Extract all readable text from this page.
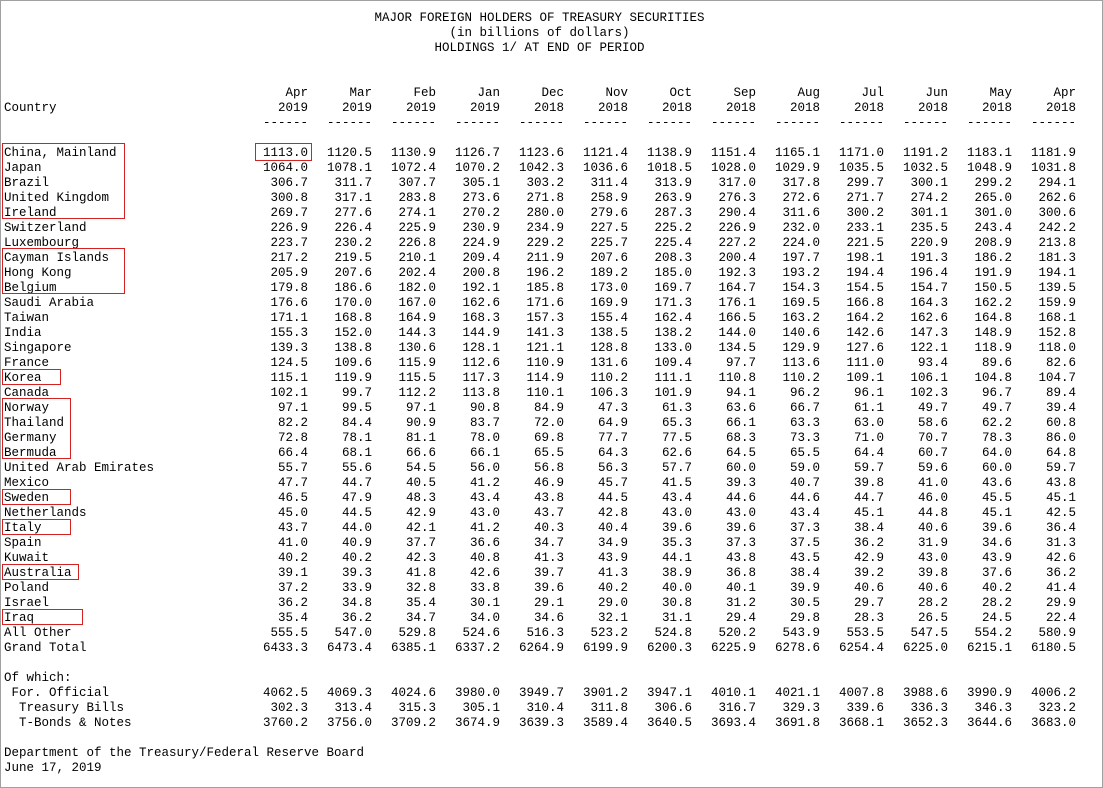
MAJOR FOREIGN HOLDERS OF TREASURY SECURITIES
(in billions of dollars)
HOLDINGS 1/ AT END OF PERIOD
Country
Apr	Mar	Feb	Jan	Dec	Nov	Oct	Sep	Aug	Jul	Jun	May	Apr
2019	2019	2019	2019	2018	2018	2018	2018	2018	2018	2018	2018	2018
------	------	------	------	------	------	------	------	------	------	------	------	------
China, Mainland	1113.0	1120.5	1130.9	1126.7	1123.6	1121.4	1138.9	1151.4	1165.1	1171.0	1191.2	1183.1	1181.9
Japan	1064.0	1078.1	1072.4	1070.2	1042.3	1036.6	1018.5	1028.0	1029.9	1035.5	1032.5	1048.9	1031.8
Brazil	306.7	311.7	307.7	305.1	303.2	311.4	313.9	317.0	317.8	299.7	300.1	299.2	294.1
United Kingdom	300.8	317.1	283.8	273.6	271.8	258.9	263.9	276.3	272.6	271.7	274.2	265.0	262.6
Ireland	269.7	277.6	274.1	270.2	280.0	279.6	287.3	290.4	311.6	300.2	301.1	301.0	300.6
Switzerland	226.9	226.4	225.9	230.9	234.9	227.5	225.2	226.9	232.0	233.1	235.5	243.4	242.2
Luxembourg	223.7	230.2	226.8	224.9	229.2	225.7	225.4	227.2	224.0	221.5	220.9	208.9	213.8
Cayman Islands	217.2	219.5	210.1	209.4	211.9	207.6	208.3	200.4	197.7	198.1	191.3	186.2	181.3
Hong Kong	205.9	207.6	202.4	200.8	196.2	189.2	185.0	192.3	193.2	194.4	196.4	191.9	194.1
Belgium	179.8	186.6	182.0	192.1	185.8	173.0	169.7	164.7	154.3	154.5	154.7	150.5	139.5
Saudi Arabia	176.6	170.0	167.0	162.6	171.6	169.9	171.3	176.1	169.5	166.8	164.3	162.2	159.9
Taiwan	171.1	168.8	164.9	168.3	157.3	155.4	162.4	166.5	163.2	164.2	162.6	164.8	168.1
India	155.3	152.0	144.3	144.9	141.3	138.5	138.2	144.0	140.6	142.6	147.3	148.9	152.8
Singapore	139.3	138.8	130.6	128.1	121.1	128.8	133.0	134.5	129.9	127.6	122.1	118.9	118.0
France	124.5	109.6	115.9	112.6	110.9	131.6	109.4	97.7	113.6	111.0	93.4	89.6	82.6
Korea	115.1	119.9	115.5	117.3	114.9	110.2	111.1	110.8	110.2	109.1	106.1	104.8	104.7
Canada	102.1	99.7	112.2	113.8	110.1	106.3	101.9	94.1	96.2	96.1	102.3	96.7	89.4
Norway	97.1	99.5	97.1	90.8	84.9	47.3	61.3	63.6	66.7	61.1	49.7	49.7	39.4
Thailand	82.2	84.4	90.9	83.7	72.0	64.9	65.3	66.1	63.3	63.0	58.6	62.2	60.8
Germany	72.8	78.1	81.1	78.0	69.8	77.7	77.5	68.3	73.3	71.0	70.7	78.3	86.0
Bermuda	66.4	68.1	66.6	66.1	65.5	64.3	62.6	64.5	65.5	64.4	60.7	64.0	64.8
United Arab Emirates	55.7	55.6	54.5	56.0	56.8	56.3	57.7	60.0	59.0	59.7	59.6	60.0	59.7
Mexico	47.7	44.7	40.5	41.2	46.9	45.7	41.5	39.3	40.7	39.8	41.0	43.6	43.8
Sweden	46.5	47.9	48.3	43.4	43.8	44.5	43.4	44.6	44.6	44.7	46.0	45.5	45.1
Netherlands	45.0	44.5	42.9	43.0	43.7	42.8	43.0	43.0	43.4	45.1	44.8	45.1	42.5
Italy	43.7	44.0	42.1	41.2	40.3	40.4	39.6	39.6	37.3	38.4	40.6	39.6	36.4
Spain	41.0	40.9	37.7	36.6	34.7	34.9	35.3	37.3	37.5	36.2	31.9	34.6	31.3
Kuwait	40.2	40.2	42.3	40.8	41.3	43.9	44.1	43.8	43.5	42.9	43.0	43.9	42.6
Australia	39.1	39.3	41.8	42.6	39.7	41.3	38.9	36.8	38.4	39.2	39.8	37.6	36.2
Poland	37.2	33.9	32.8	33.8	39.6	40.2	40.0	40.1	39.9	40.6	40.6	40.2	41.4
Israel	36.2	34.8	35.4	30.1	29.1	29.0	30.8	31.2	30.5	29.7	28.2	28.2	29.9
Iraq	35.4	36.2	34.7	34.0	34.6	32.1	31.1	29.4	29.8	28.3	26.5	24.5	22.4
All Other	555.5	547.0	529.8	524.6	516.3	523.2	524.8	520.2	543.9	553.5	547.5	554.2	580.9
Grand Total	6433.3	6473.4	6385.1	6337.2	6264.9	6199.9	6200.3	6225.9	6278.6	6254.4	6225.0	6215.1	6180.5
For. Official	4062.5	4069.3	4024.6	3980.0	3949.7	3901.2	3947.1	4010.1	4021.1	4007.8	3988.6	3990.9	4006.2
Treasury Bills	302.3	313.4	315.3	305.1	310.4	311.8	306.6	316.7	329.3	339.6	336.3	346.3	323.2
T-Bonds & Notes	3760.2	3756.0	3709.2	3674.9	3639.3	3589.4	3640.5	3693.4	3691.8	3668.1	3652.3	3644.6	3683.0
Of which:
Department of the Treasury/Federal Reserve Board
June 17, 2019
